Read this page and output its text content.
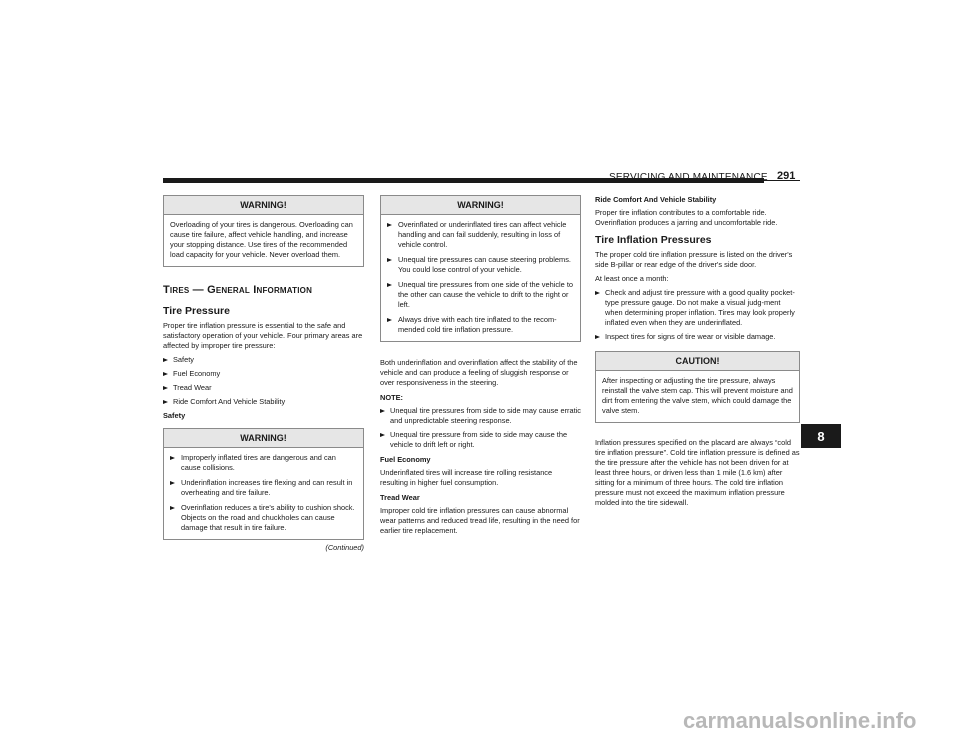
SERVICING AND MAINTENANCE 291
WARNING!
Overloading of your tires is dangerous. Overloading can cause tire failure, affect vehicle handling, and increase your stopping distance. Use tires of the recommended load capacity for your vehicle. Never overload them.
Tires — General Information
Tire Pressure

Proper tire inflation pressure is essential to the safe and satisfactory operation of your vehicle. Four primary areas are affected by improper tire pressure:

Safety
Fuel Economy
Tread Wear
Ride Comfort And Vehicle Stability
Safety
WARNING!
Improperly inflated tires are dangerous and can cause collisions.
Underinflation increases tire flexing and can result in overheating and tire failure.
Overinflation reduces a tire's ability to cushion shock. Objects on the road and chuckholes can cause damage that result in tire failure.
(Continued)
WARNING!
Overinflated or underinflated tires can affect vehicle handling and can fail suddenly, resulting in loss of vehicle control.
Unequal tire pressures can cause steering problems. You could lose control of your vehicle.
Unequal tire pressures from one side of the vehicle to the other can cause the vehicle to drift to the right or left.
Always drive with each tire inflated to the recom-mended cold tire inflation pressure.

Both underinflation and overinflation affect the stability of the vehicle and can produce a feeling of sluggish response or over responsiveness in the steering.

NOTE:
Unequal tire pressures from side to side may cause erratic and unpredictable steering response.
Unequal tire pressure from side to side may cause the vehicle to drift left or right.
Fuel Economy

Underinflated tires will increase tire rolling resistance resulting in higher fuel consumption.

Tread Wear

Improper cold tire inflation pressures can cause abnormal wear patterns and reduced tread life, resulting in the need for earlier tire replacement.

Ride Comfort And Vehicle Stability

Proper tire inflation contributes to a comfortable ride. Overinflation produces a jarring and uncomfortable ride.

Tire Inflation Pressures

The proper cold tire inflation pressure is listed on the driver's side B-pillar or rear edge of the driver's side door.

At least once a month:

Check and adjust tire pressure with a good quality pocket-type pressure gauge. Do not make a visual judg-ment when determining proper inflation. Tires may look properly inflated even when they are underinflated.
Inspect tires for signs of tire wear or visible damage.
CAUTION!
After inspecting or adjusting the tire pressure, always reinstall the valve stem cap. This will prevent moisture and dirt from entering the valve stem, which could damage the valve stem.

Inflation pressures specified on the placard are always “cold tire inflation pressure”. Cold tire inflation pressure is defined as the tire pressure after the vehicle has not been driven for at least three hours, or driven less than 1 mile (1.6 km) after sitting for a minimum of three hours. The cold tire inflation pressure must not exceed the maximum inflation pressure molded into the tire sidewall.

8
carmanualsonline.info
